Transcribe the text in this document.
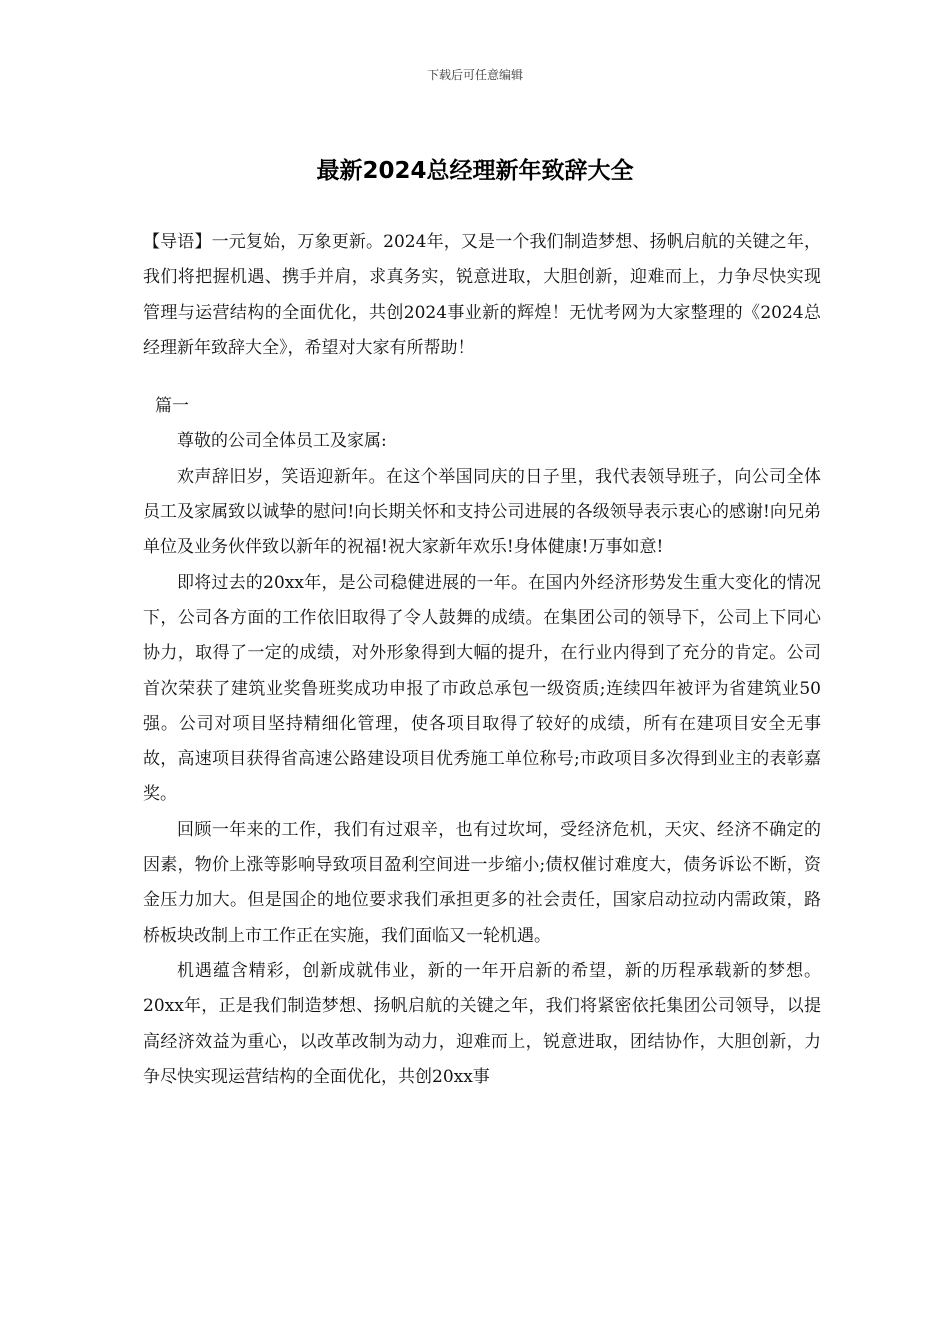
下载后可任意编辑
最新2024总经理新年致辞大全

【导语】一元复始，万象更新。2024年，又是一个我们制造梦想、扬帆启航的关键之年，我们将把握机遇、携手并肩，求真务实，锐意进取，大胆创新，迎难而上，力争尽快实现管理与运营结构的全面优化，共创2024事业新的辉煌！无忧考网为大家整理的《2024总经理新年致辞大全》，希望对大家有所帮助！

篇一

尊敬的公司全体员工及家属:

欢声辞旧岁，笑语迎新年。在这个举国同庆的日子里，我代表领导班子，向公司全体员工及家属致以诚挚的慰问!向长期关怀和支持公司进展的各级领导表示衷心的感谢!向兄弟单位及业务伙伴致以新年的祝福!祝大家新年欢乐!身体健康!万事如意!

即将过去的20xx年，是公司稳健进展的一年。在国内外经济形势发生重大变化的情况下，公司各方面的工作依旧取得了令人鼓舞的成绩。在集团公司的领导下，公司上下同心协力，取得了一定的成绩，对外形象得到大幅的提升，在行业内得到了充分的肯定。公司首次荣获了建筑业奖鲁班奖成功申报了市政总承包一级资质;连续四年被评为省建筑业50强。公司对项目坚持精细化管理，使各项目取得了较好的成绩，所有在建项目安全无事故，高速项目获得省高速公路建设项目优秀施工单位称号;市政项目多次得到业主的表彰嘉奖。

回顾一年来的工作，我们有过艰辛，也有过坎坷，受经济危机，天灾、经济不确定的因素，物价上涨等影响导致项目盈利空间进一步缩小;债权催讨难度大，债务诉讼不断，资金压力加大。但是国企的地位要求我们承担更多的社会责任，国家启动拉动内需政策，路桥板块改制上市工作正在实施，我们面临又一轮机遇。

机遇蕴含精彩，创新成就伟业，新的一年开启新的希望，新的历程承载新的梦想。20xx年，正是我们制造梦想、扬帆启航的关键之年，我们将紧密依托集团公司领导，以提高经济效益为重心，以改革改制为动力，迎难而上，锐意进取，团结协作，大胆创新，力争尽快实现运营结构的全面优化，共创20xx事
